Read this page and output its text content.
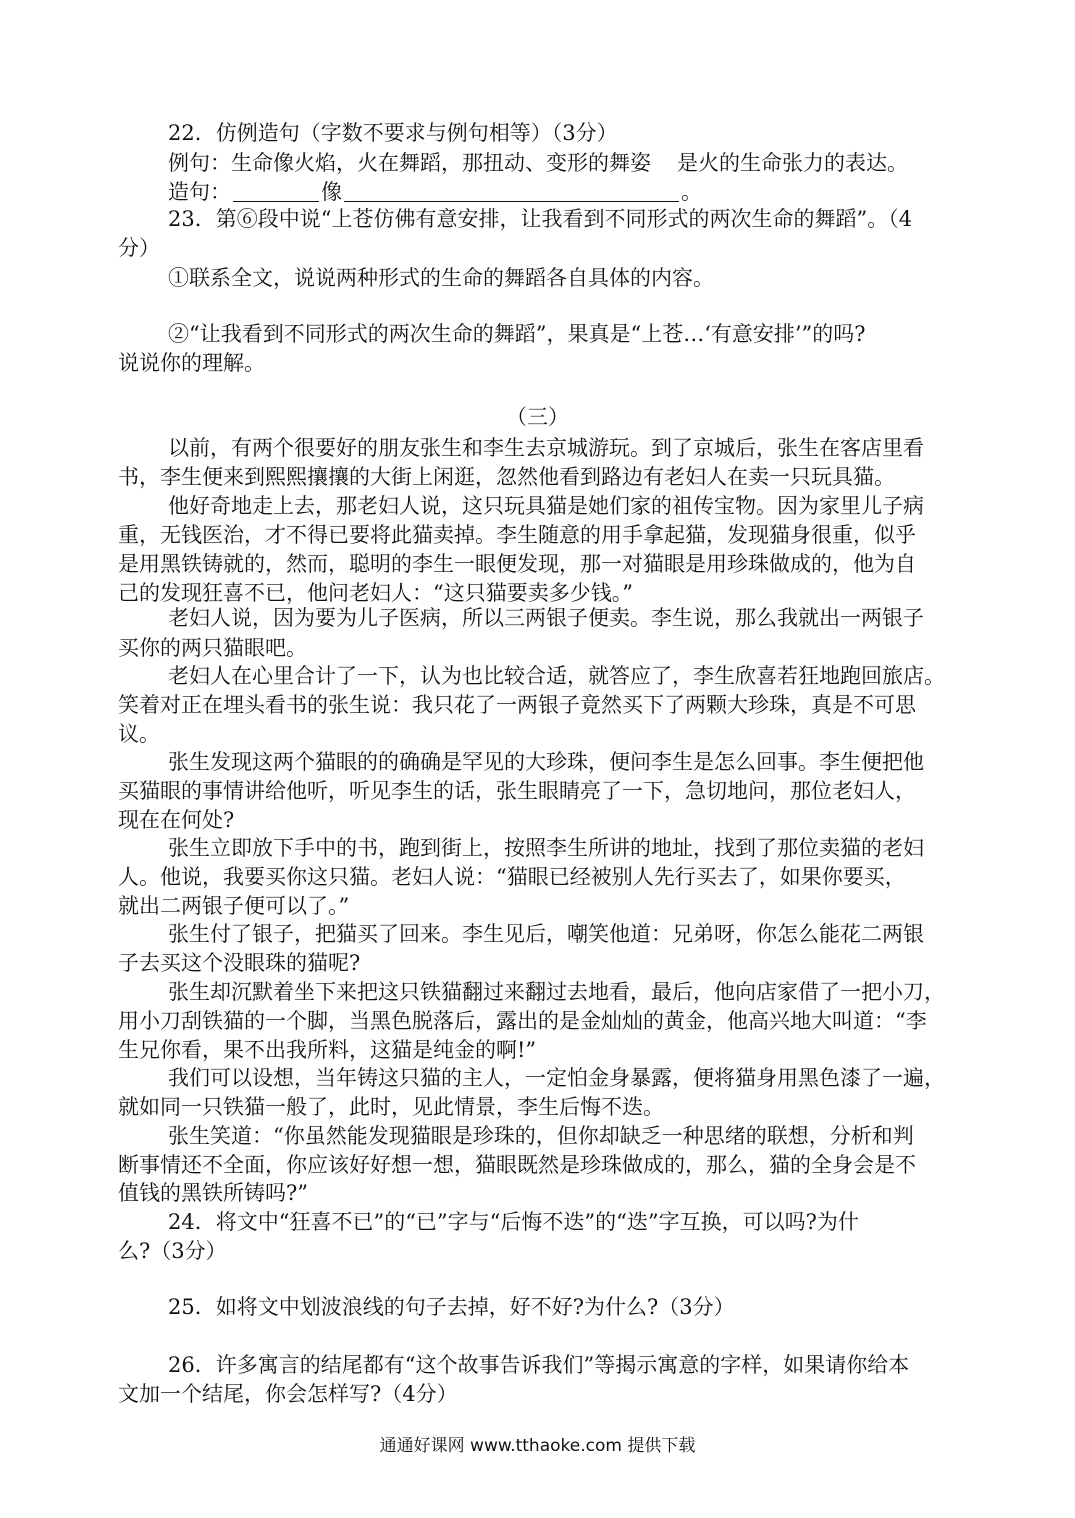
22．仿例造句（字数不要求与例句相等）（3分）
例句：生命像火焰，火在舞蹈，那扭动、变形的舞姿 是火的生命张力的表达。
造句：	像	。
23．第⑥段中说“上苍仿佛有意安排，让我看到不同形式的两次生命的舞蹈”。（4
分）
①联系全文，说说两种形式的生命的舞蹈各自具体的内容。
②“让我看到不同形式的两次生命的舞蹈”，果真是“上苍…‘有意安排’”的吗?
说说你的理解。
（三）
以前，有两个很要好的朋友张生和李生去京城游玩。到了京城后，张生在客店里看
书，李生便来到熙熙攘攘的大街上闲逛，忽然他看到路边有老妇人在卖一只玩具猫。
他好奇地走上去，那老妇人说，这只玩具猫是她们家的祖传宝物。因为家里儿子病
重，无钱医治，才不得已要将此猫卖掉。李生随意的用手拿起猫，发现猫身很重，似乎
是用黑铁铸就的，然而，聪明的李生一眼便发现，那一对猫眼是用珍珠做成的，他为自
己的发现狂喜不已，他问老妇人：“这只猫要卖多少钱。”
老妇人说，因为要为儿子医病，所以三两银子便卖。李生说，那么我就出一两银子
买你的两只猫眼吧。
老妇人在心里合计了一下，认为也比较合适，就答应了，李生欣喜若狂地跑回旅店。
笑着对正在埋头看书的张生说：我只花了一两银子竟然买下了两颗大珍珠，真是不可思
议。
张生发现这两个猫眼的的确确是罕见的大珍珠，便问李生是怎么回事。李生便把他
买猫眼的事情讲给他听，听见李生的话，张生眼睛亮了一下，急切地问，那位老妇人，
现在在何处?
张生立即放下手中的书，跑到街上，按照李生所讲的地址，找到了那位卖猫的老妇
人。他说，我要买你这只猫。老妇人说：“猫眼已经被别人先行买去了，如果你要买，
就出二两银子便可以了。”
张生付了银子，把猫买了回来。李生见后，嘲笑他道：兄弟呀，你怎么能花二两银
子去买这个没眼珠的猫呢?
张生却沉默着坐下来把这只铁猫翻过来翻过去地看，最后，他向店家借了一把小刀，
用小刀刮铁猫的一个脚，当黑色脱落后，露出的是金灿灿的黄金，他高兴地大叫道：“李
生兄你看，果不出我所料，这猫是纯金的啊!”
我们可以设想，当年铸这只猫的主人，一定怕金身暴露，便将猫身用黑色漆了一遍，
就如同一只铁猫一般了，此时，见此情景，李生后悔不迭。
张生笑道：“你虽然能发现猫眼是珍珠的，但你却缺乏一种思绪的联想，分析和判
断事情还不全面，你应该好好想一想，猫眼既然是珍珠做成的，那么，猫的全身会是不
值钱的黑铁所铸吗?”
24．将文中“狂喜不已”的“已”字与“后悔不迭”的“迭”字互换，可以吗?为什
么?（3分）
25．如将文中划波浪线的句子去掉，好不好?为什么?（3分）
26．许多寓言的结尾都有“这个故事告诉我们”等揭示寓意的字样，如果请你给本
文加一个结尾，你会怎样写?（4分）
通通好课网 www.tthaoke.com 提供下载
